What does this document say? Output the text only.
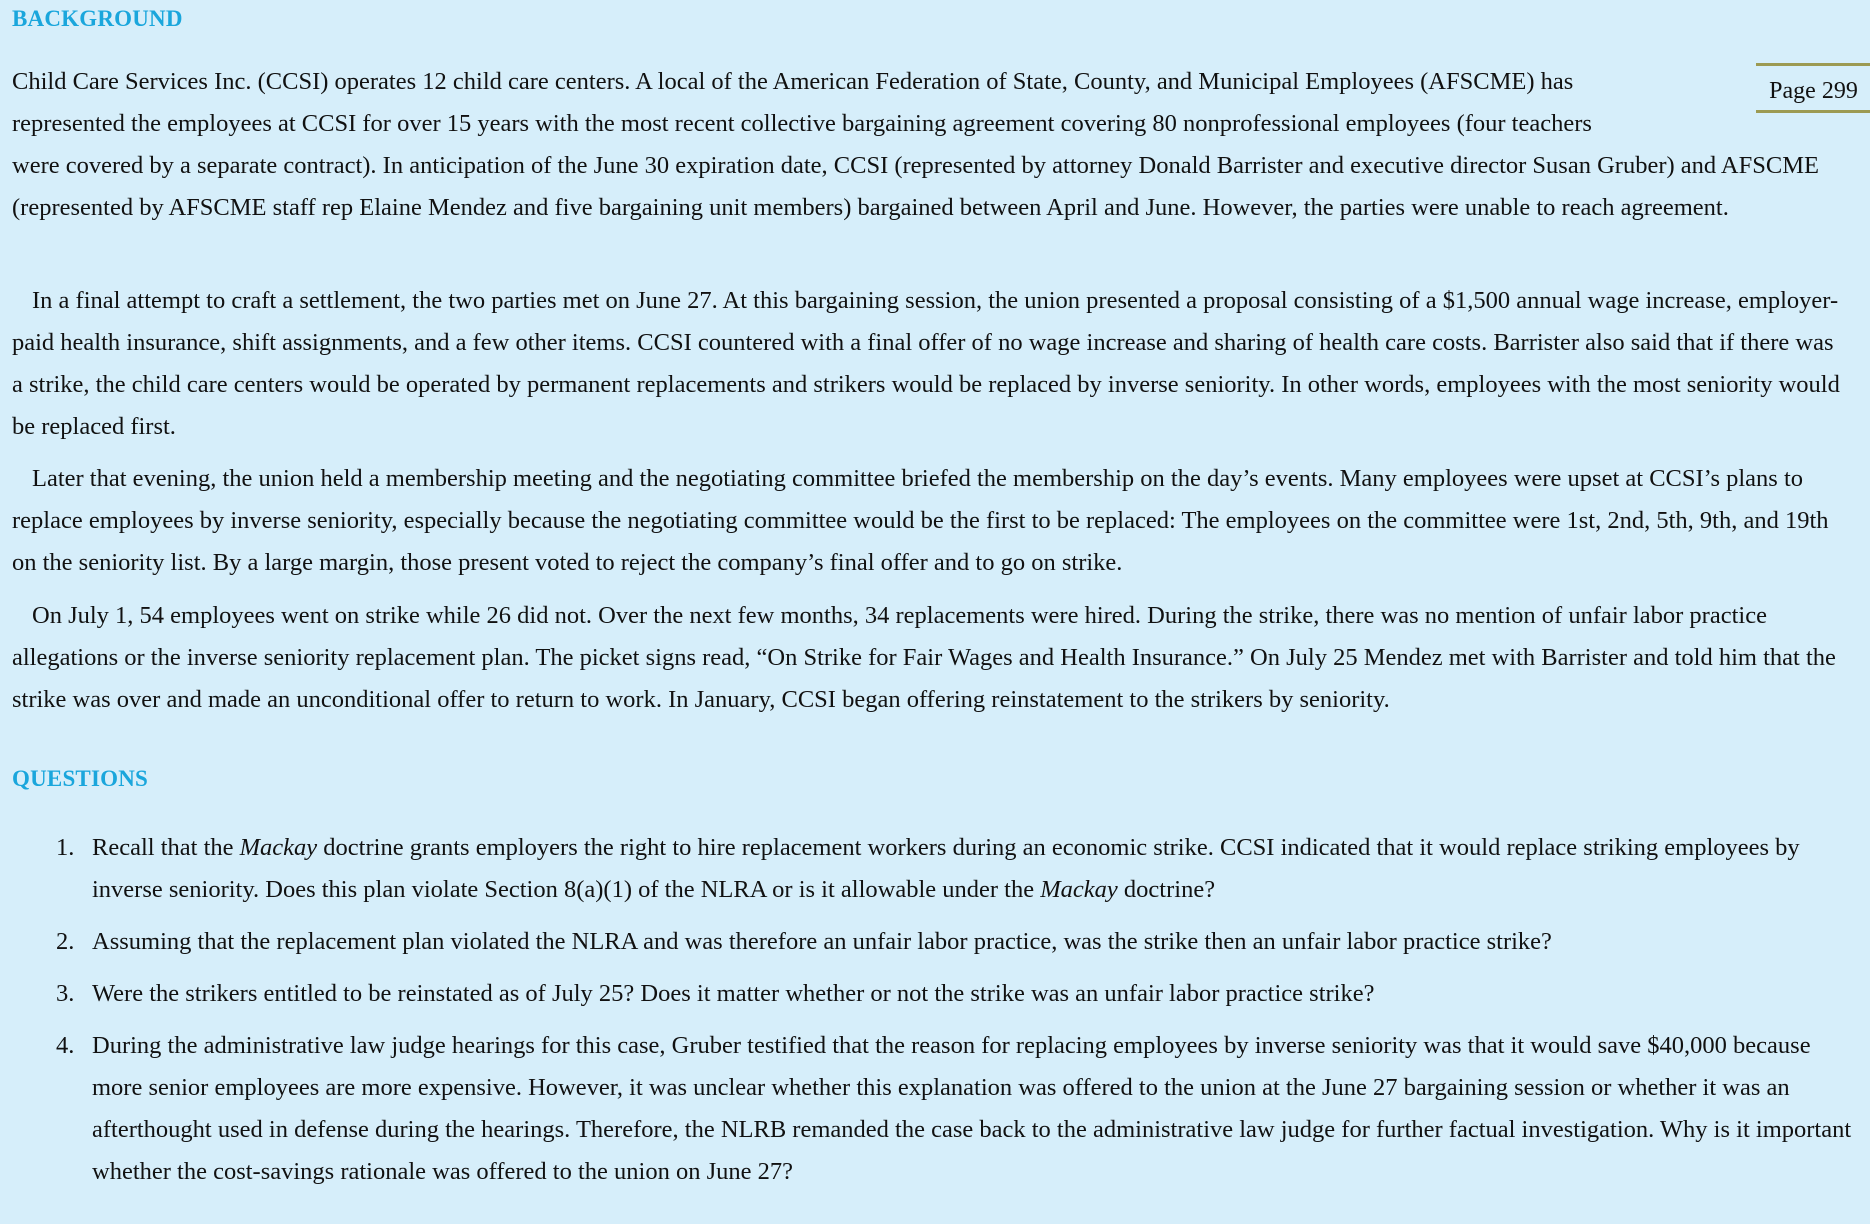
BACKGROUND
Page 299

Child Care Services Inc. (CCSI) operates 12 child care centers. A local of the American Federation of State, County, and Municipal Employees (AFSCME) has
represented the employees at CCSI for over 15 years with the most recent collective bargaining agreement covering 80 nonprofessional employees (four teachers
were covered by a separate contract). In anticipation of the June 30 expiration date, CCSI (represented by attorney Donald Barrister and executive director Susan Gruber) and AFSCME (represented by AFSCME staff rep Elaine Mendez and five bargaining unit members) bargained between April and June. However, the parties were unable to reach agreement.

In a final attempt to craft a settlement, the two parties met on June 27. At this bargaining session, the union presented a proposal consisting of a $1,500 annual wage increase, employer-paid health insurance, shift assignments, and a few other items. CCSI countered with a final offer of no wage increase and sharing of health care costs. Barrister also said that if there was a strike, the child care centers would be operated by permanent replacements and strikers would be replaced by inverse seniority. In other words, employees with the most seniority would be replaced first.

Later that evening, the union held a membership meeting and the negotiating committee briefed the membership on the day’s events. Many employees were upset at CCSI’s plans to replace employees by inverse seniority, especially because the negotiating committee would be the first to be replaced: The employees on the committee were 1st, 2nd, 5th, 9th, and 19th on the seniority list. By a large margin, those present voted to reject the company’s final offer and to go on strike.

On July 1, 54 employees went on strike while 26 did not. Over the next few months, 34 replacements were hired. During the strike, there was no mention of unfair labor practice allegations or the inverse seniority replacement plan. The picket signs read, “On Strike for Fair Wages and Health Insurance.” On July 25 Mendez met with Barrister and told him that the strike was over and made an unconditional offer to return to work. In January, CCSI began offering reinstatement to the strikers by seniority.

QUESTIONS
1. Recall that the Mackay doctrine grants employers the right to hire replacement workers during an economic strike. CCSI indicated that it would replace striking employees by inverse seniority. Does this plan violate Section 8(a)(1) of the NLRA or is it allowable under the Mackay doctrine?
2. Assuming that the replacement plan violated the NLRA and was therefore an unfair labor practice, was the strike then an unfair labor practice strike?
3. Were the strikers entitled to be reinstated as of July 25? Does it matter whether or not the strike was an unfair labor practice strike?
4. During the administrative law judge hearings for this case, Gruber testified that the reason for replacing employees by inverse seniority was that it would save $40,000 because more senior employees are more expensive. However, it was unclear whether this explanation was offered to the union at the June 27 bargaining session or whether it was an afterthought used in defense during the hearings. Therefore, the NLRB remanded the case back to the administrative law judge for further factual investigation. Why is it important whether the cost-savings rationale was offered to the union on June 27?
